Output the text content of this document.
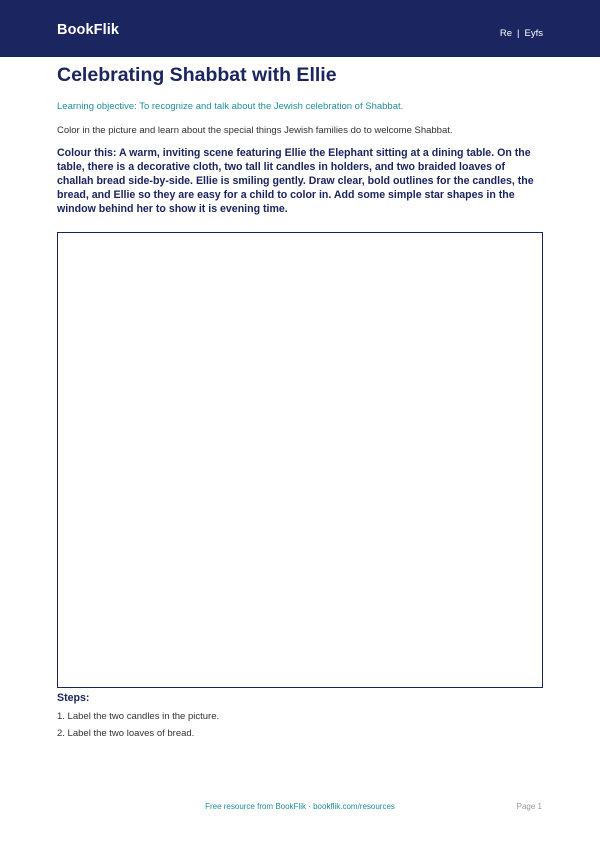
BookFlik	Re | Eyfs
Celebrating Shabbat with Ellie
Learning objective: To recognize and talk about the Jewish celebration of Shabbat.
Color in the picture and learn about the special things Jewish families do to welcome Shabbat.
Colour this: A warm, inviting scene featuring Ellie the Elephant sitting at a dining table. On the table, there is a decorative cloth, two tall lit candles in holders, and two braided loaves of challah bread side-by-side. Ellie is smiling gently. Draw clear, bold outlines for the candles, the bread, and Ellie so they are easy for a child to color in. Add some simple star shapes in the window behind her to show it is evening time.
Steps:
1. Label the two candles in the picture.
2. Label the two loaves of bread.
Free resource from BookFlik · bookflik.com/resources	Page 1
